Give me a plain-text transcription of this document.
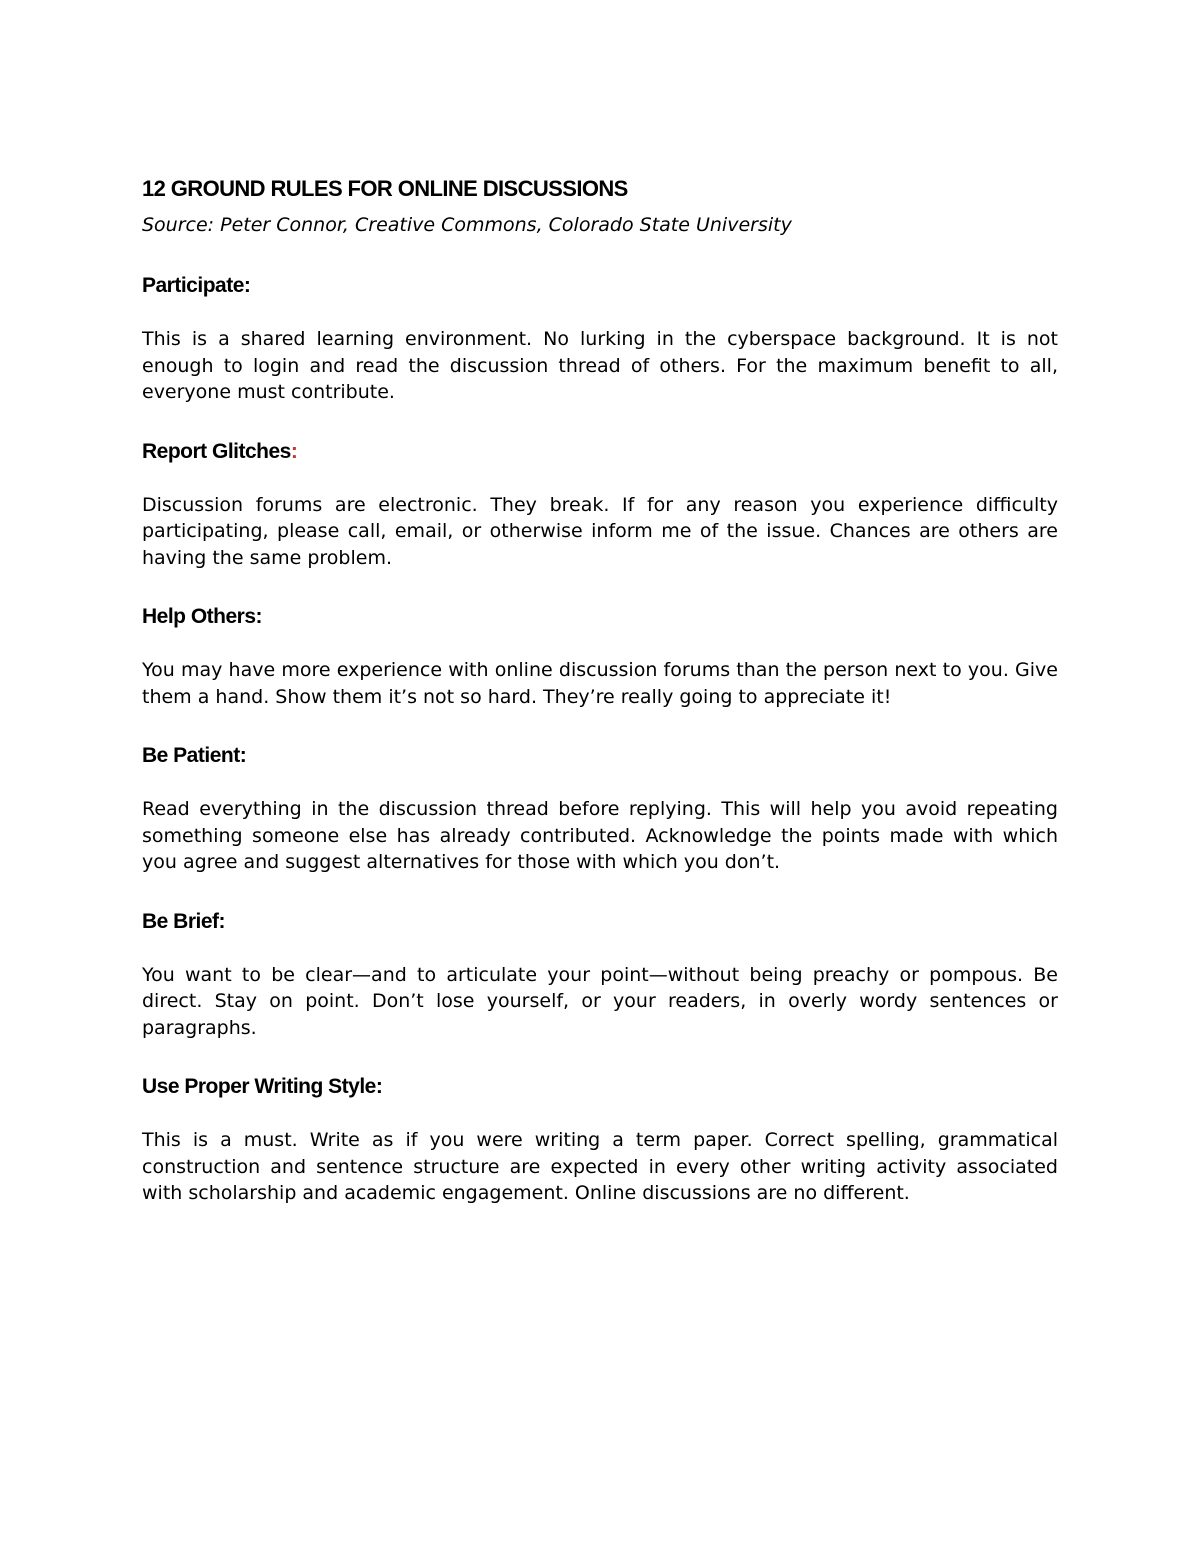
12 GROUND RULES FOR ONLINE DISCUSSIONS
Source: Peter Connor, Creative Commons, Colorado State University
Participate:
This is a shared learning environment. No lurking in the cyberspace background. It is not enough to login and read the discussion thread of others. For the maximum benefit to all, everyone must contribute.
Report Glitches:
Discussion forums are electronic. They break. If for any reason you experience difficulty participating, please call, email, or otherwise inform me of the issue. Chances are others are having the same problem.
Help Others:
You may have more experience with online discussion forums than the person next to you. Give them a hand. Show them it’s not so hard. They’re really going to appreciate it!
Be Patient:
Read everything in the discussion thread before replying. This will help you avoid repeating something someone else has already contributed. Acknowledge the points made with which you agree and suggest alternatives for those with which you don’t.
Be Brief:
You want to be clear—and to articulate your point—without being preachy or pompous. Be direct. Stay on point. Don’t lose yourself, or your readers, in overly wordy sentences or paragraphs.
Use Proper Writing Style:
This is a must. Write as if you were writing a term paper. Correct spelling, grammatical construction and sentence structure are expected in every other writing activity associated with scholarship and academic engagement. Online discussions are no different.
